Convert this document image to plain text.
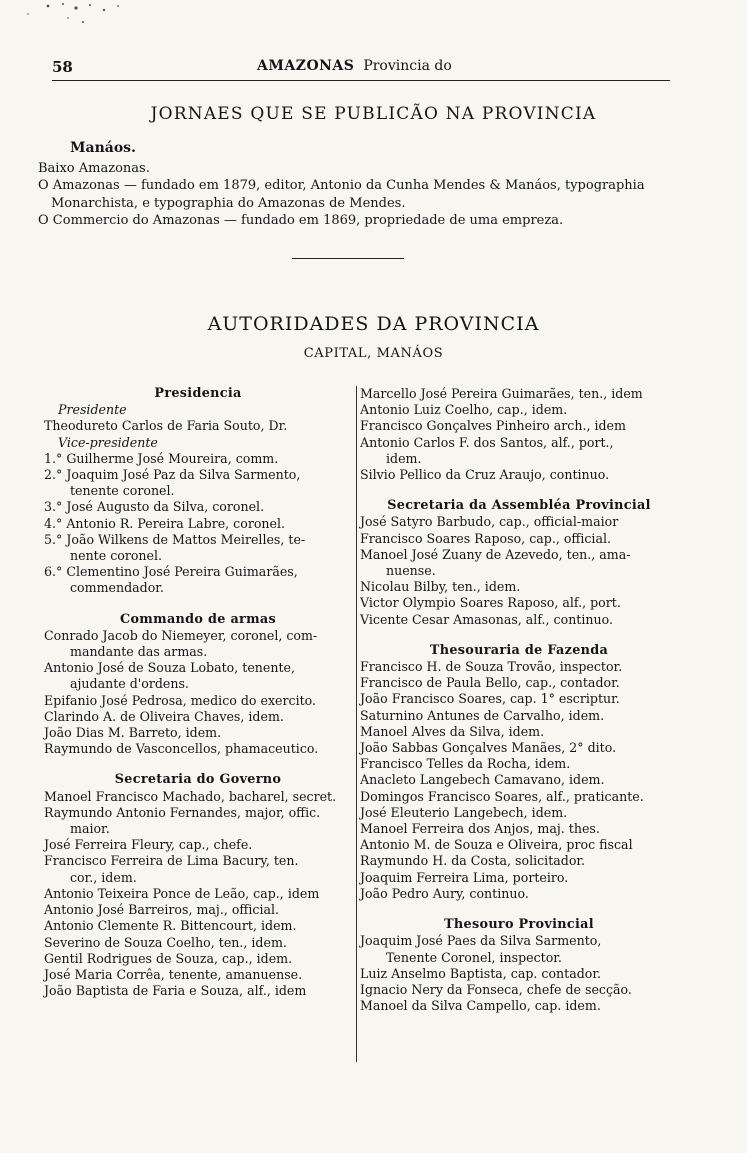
58	AMAZONAS Provincia do
JORNAES QUE SE PUBLICÃO NA PROVINCIA
Manáos.

Baixo Amazonas.

O Amazonas — fundado em 1879, editor, Antonio da Cunha Mendes & Manáos, typographia Monarchista, e typographia do Amazonas de Mendes.

O Commercio do Amazonas — fundado em 1869, propriedade de uma empreza.

AUTORIDADES DA PROVINCIA
CAPITAL, MANÁOS
Presidencia
Presidente
Theodureto Carlos de Faria Souto, Dr.
Vice-presidente
1.° Guilherme José Moureira, comm.
2.° Joaquim José Paz da Silva Sarmento,
tenente coronel.
3.° José Augusto da Silva, coronel.
4.° Antonio R. Pereira Labre, coronel.
5.° João Wilkens de Mattos Meirelles, te-
nente coronel.
6.° Clementino José Pereira Guimarães,
commendador.
Commando de armas
Conrado Jacob do Niemeyer, coronel, com-
mandante das armas.
Antonio José de Souza Lobato, tenente,
ajudante d'ordens.
Epifanio José Pedrosa, medico do exercito.
Clarindo A. de Oliveira Chaves, idem.
João Dias M. Barreto, idem.
Raymundo de Vasconcellos, phamaceutico.
Secretaria do Governo
Manoel Francisco Machado, bacharel, secret.
Raymundo Antonio Fernandes, major, offic.
maior.
José Ferreira Fleury, cap., chefe.
Francisco Ferreira de Lima Bacury, ten.
cor., idem.
Antonio Teixeira Ponce de Leão, cap., idem
Antonio José Barreiros, maj., official.
Antonio Clemente R. Bittencourt, idem.
Severino de Souza Coelho, ten., idem.
Gentil Rodrigues de Souza, cap., idem.
José Maria Corrêa, tenente, amanuense.
João Baptista de Faria e Souza, alf., idem
Marcello José Pereira Guimarães, ten., idem
Antonio Luiz Coelho, cap., idem.
Francisco Gonçalves Pinheiro arch., idem
Antonio Carlos F. dos Santos, alf., port.,
idem.
Silvio Pellico da Cruz Araujo, continuo.
Secretaria da Assembléa Provincial
José Satyro Barbudo, cap., official-maior
Francisco Soares Raposo, cap., official.
Manoel José Zuany de Azevedo, ten., ama-
nuense.
Nicolau Bilby, ten., idem.
Victor Olympio Soares Raposo, alf., port.
Vicente Cesar Amasonas, alf., continuo.
Thesouraria de Fazenda
Francisco H. de Souza Trovão, inspector.
Francisco de Paula Bello, cap., contador.
João Francisco Soares, cap. 1° escriptur.
Saturnino Antunes de Carvalho, idem.
Manoel Alves da Silva, idem.
João Sabbas Gonçalves Manães, 2° dito.
Francisco Telles da Rocha, idem.
Anacleto Langebech Camavano, idem.
Domingos Francisco Soares, alf., praticante.
José Eleuterio Langebech, idem.
Manoel Ferreira dos Anjos, maj. thes.
Antonio M. de Souza e Oliveira, proc fiscal
Raymundo H. da Costa, solicitador.
Joaquim Ferreira Lima, porteiro.
João Pedro Aury, continuo.
Thesouro Provincial
Joaquim José Paes da Silva Sarmento,
Tenente Coronel, inspector.
Luiz Anselmo Baptista, cap. contador.
Ignacio Nery da Fonseca, chefe de secção.
Manoel da Silva Campello, cap. idem.
